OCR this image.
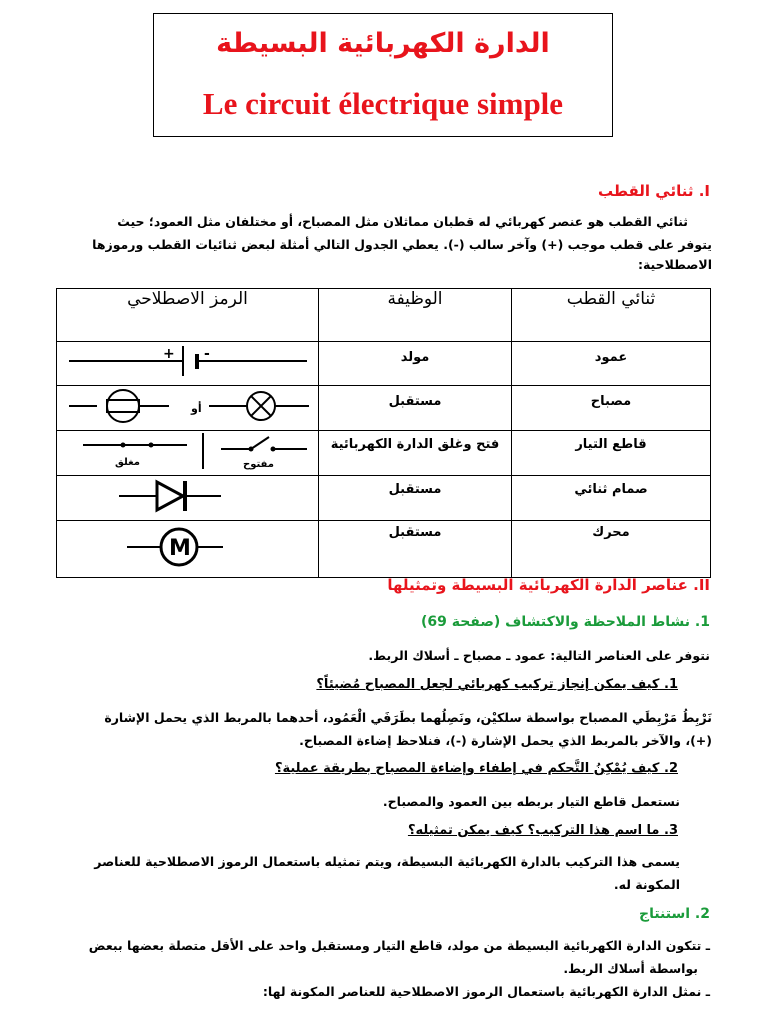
الدارة الكهربائية البسيطة
Le circuit électrique simple
I. ثنائي القطب
ثنائي القطب هو عنصر كهربائي له قطبان مماثلان مثل المصباح، أو مختلفان مثل العمود؛ حيث
يتوفر على قطب موجب (+) وآخر سالب (-). يعطي الجدول التالي أمثلة لبعض ثنائيات القطب ورموزها
الاصطلاحية:
الرمز الاصطلاحي	الوظيفة	ثنائي القطب

+ -	مولد	عمود

أو	مستقبل	مصباح

مغلق مفتوح	فتح وغلق الدارة الكهربائية	قاطع التيار
	مستقبل	صمام ثنائي

M	مستقبل	محرك
II. عناصر الدارة الكهربائية البسيطة وتمثيلها
1. نشاط الملاحظة والاكتشاف (صفحة 69)
نتوفر على العناصر التالية: عمود ـ مصباح ـ أسلاك الربط.
1. كيف يمكن إنجاز تركيب كهربائي لجعل المصباح مُضيئاً؟
نَرْبِطُ مَرْبِطَي المصباح بواسطة سلكيْن، ونَصِلُهما بطَرَفَي الْعَمُود، أحدهما بالمربط الذي يحمل الإشارة
(+)، والآخر بالمربط الذي يحمل الإشارة (-)، فنلاحظ إضاءة المصباح.
2. كيف يُمْكِنُ التَّحكم في إطفاء وإضاءة المصباح بطريقة عملية؟
نستعمل قاطع التيار بربطه بين العمود والمصباح.
3. ما اسم هذا التركيب؟ كيف يمكن تمثيله؟
يسمى هذا التركيب بالدارة الكهربائية البسيطة، ويتم تمثيله باستعمال الرموز الاصطلاحية للعناصر
المكونة له.
2. استنتاج
ـ تتكون الدارة الكهربائية البسيطة من مولد، قاطع التيار ومستقبل واحد على الأقل متصلة بعضها ببعض
بواسطة أسلاك الربط.
ـ نمثل الدارة الكهربائية باستعمال الرموز الاصطلاحية للعناصر المكونة لها:
